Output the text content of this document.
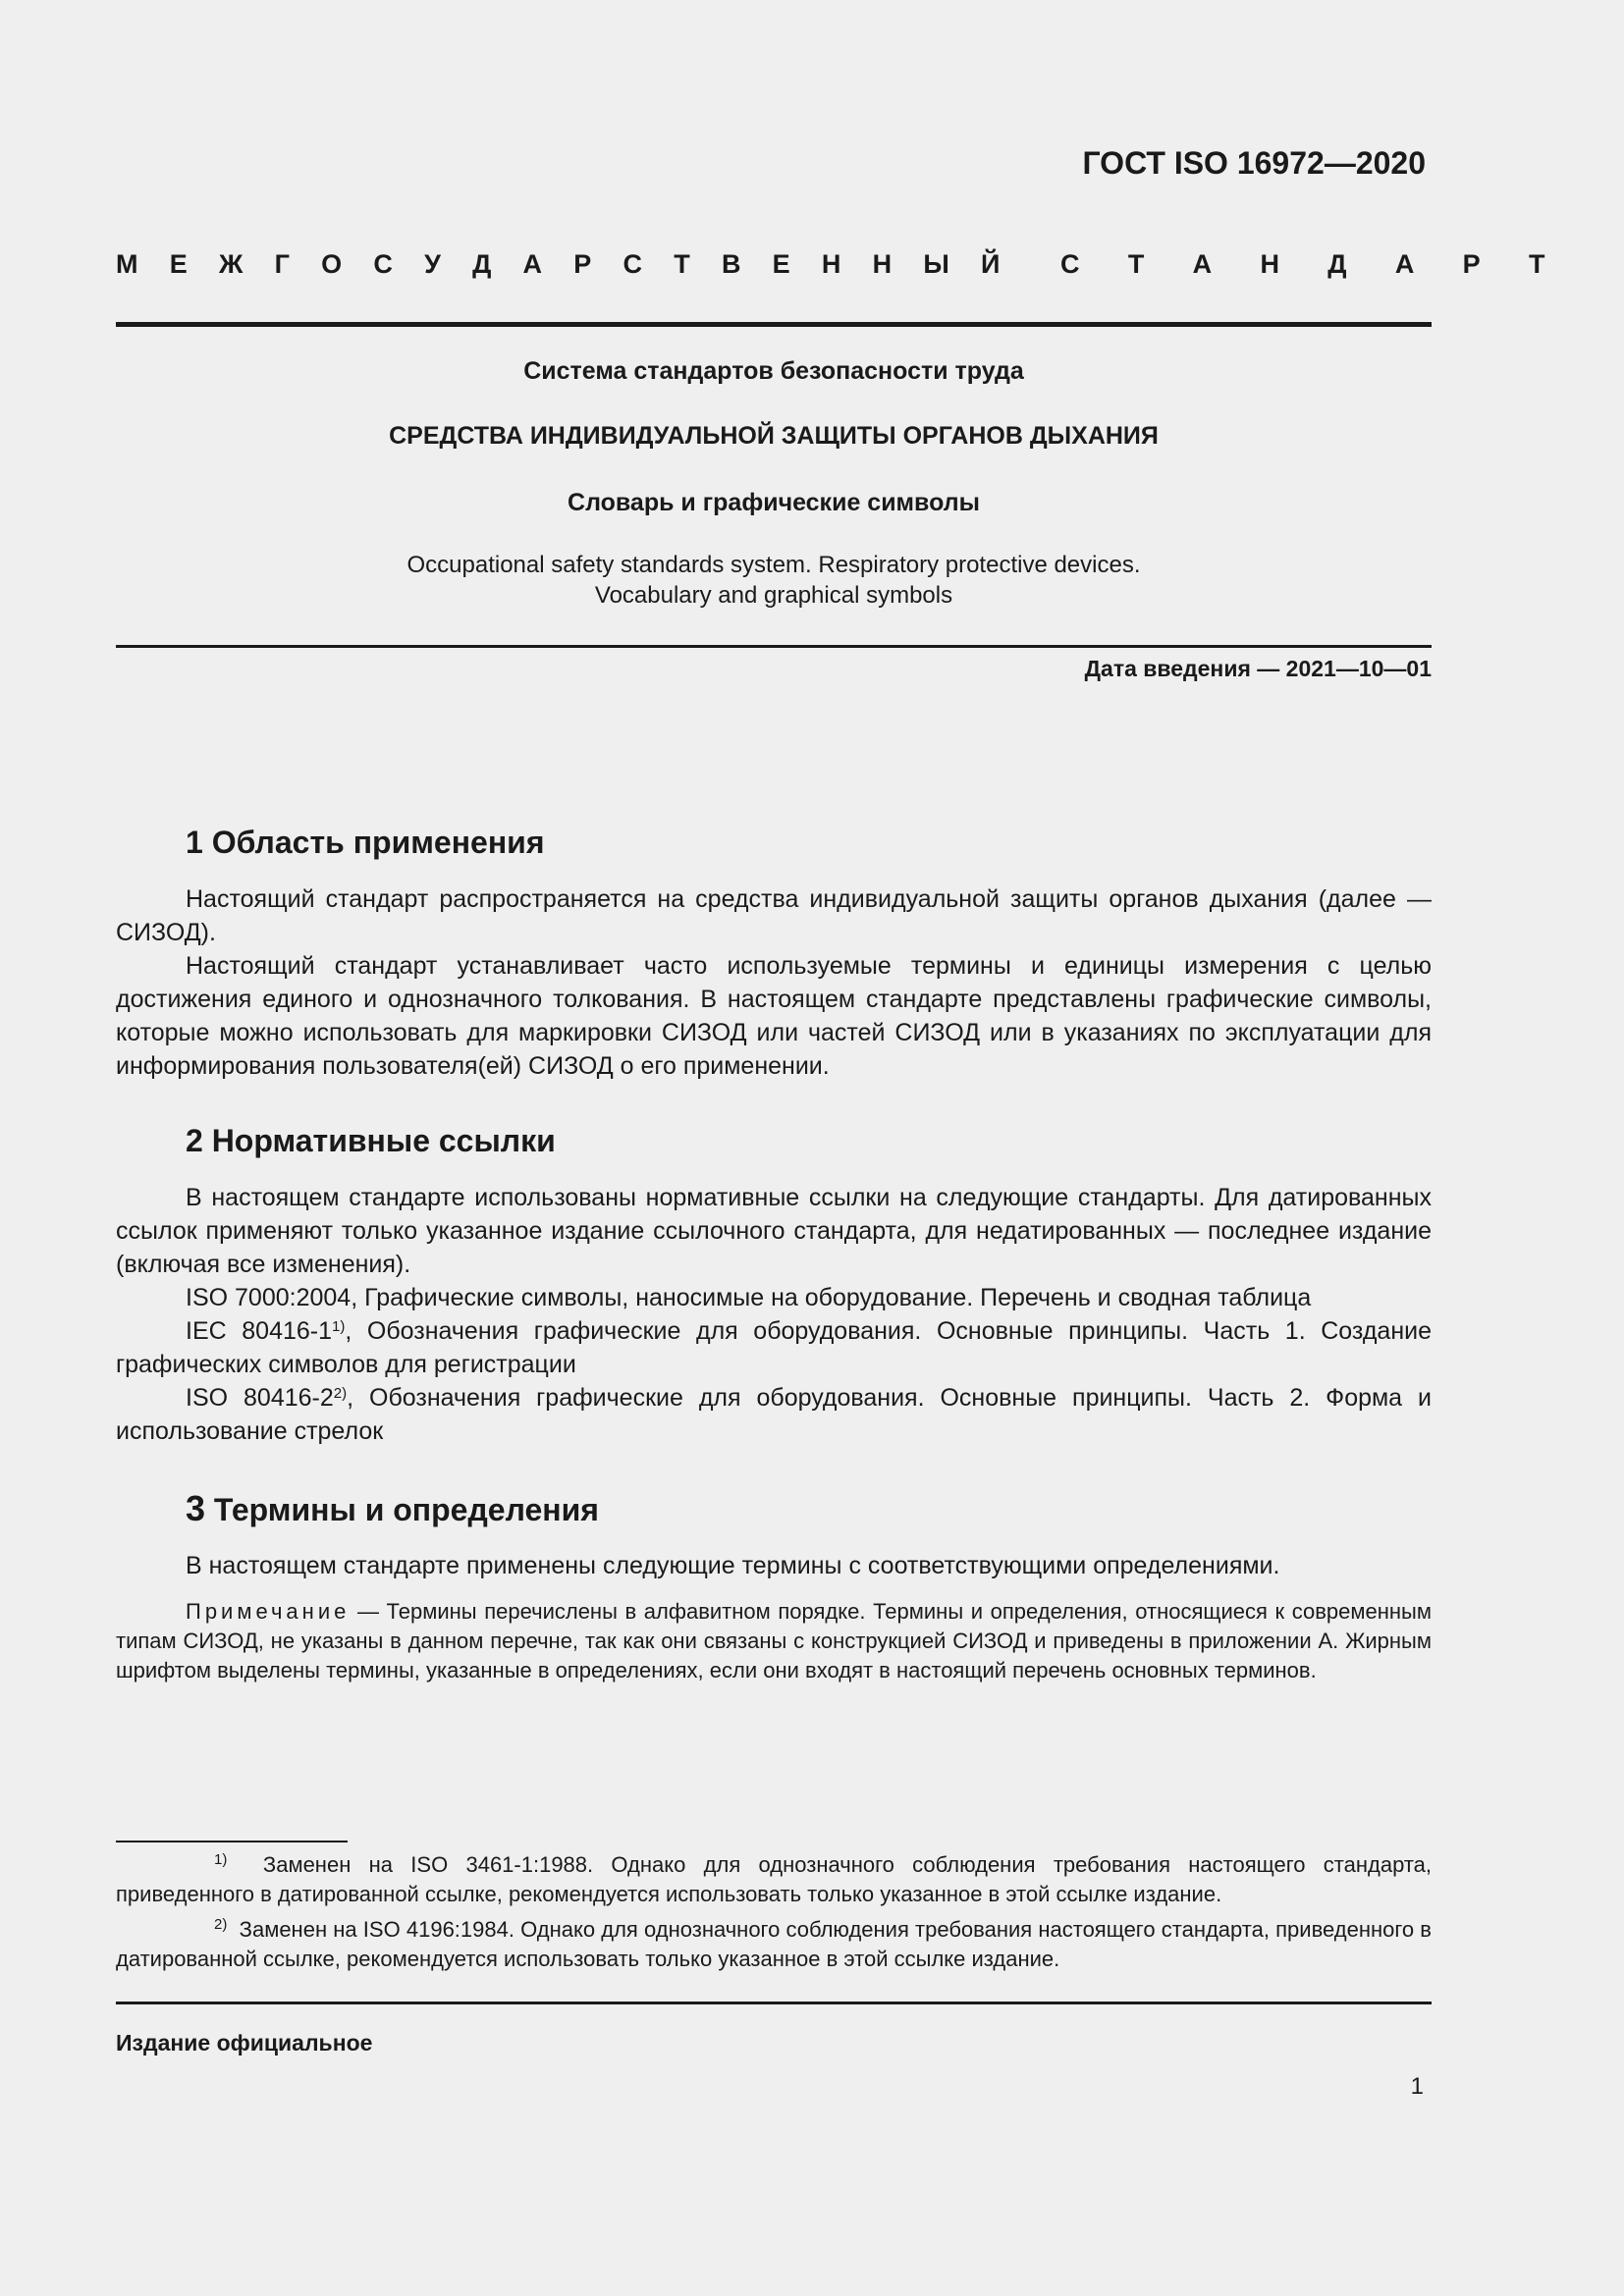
ГОСТ ISO 16972—2020
М Е Ж Г О С У Д А Р С Т В Е Н Н Ы Й С Т А Н Д А Р Т
Система стандартов безопасности труда
СРЕДСТВА ИНДИВИДУАЛЬНОЙ ЗАЩИТЫ ОРГАНОВ ДЫХАНИЯ
Словарь и графические символы
Occupational safety standards system. Respiratory protective devices.
Vocabulary and graphical symbols
Дата введения — 2021—10—01
1 Область применения

Настоящий стандарт распространяется на средства индивидуальной защиты органов дыхания (далее — СИЗОД).

Настоящий стандарт устанавливает часто используемые термины и единицы измерения с целью достижения единого и однозначного толкования. В настоящем стандарте представлены графические символы, которые можно использовать для маркировки СИЗОД или частей СИЗОД или в указаниях по эксплуатации для информирования пользователя(ей) СИЗОД о его применении.

2 Нормативные ссылки

В настоящем стандарте использованы нормативные ссылки на следующие стандарты. Для датированных ссылок применяют только указанное издание ссылочного стандарта, для недатированных — последнее издание (включая все изменения).

ISO 7000:2004, Графические символы, наносимые на оборудование. Перечень и сводная таблица

IEC 80416-1$^{1)}$, Обозначения графические для оборудования. Основные принципы. Часть 1. Создание графических символов для регистрации

ISO 80416-2$^{2)}$, Обозначения графические для оборудования. Основные принципы. Часть 2. Форма и использование стрелок

3 Термины и определения

В настоящем стандарте применены следующие термины с соответствующими определениями.

Примечание — Термины перечислены в алфавитном порядке. Термины и определения, относящиеся к современным типам СИЗОД, не указаны в данном перечне, так как они связаны с конструкцией СИЗОД и приведены в приложении А. Жирным шрифтом выделены термины, указанные в определениях, если они входят в настоящий перечень основных терминов.

$^{1)}$ Заменен на ISO 3461-1:1988. Однако для однозначного соблюдения требования настоящего стандарта, приведенного в датированной ссылке, рекомендуется использовать только указанное в этой ссылке издание.

$^{2)}$ Заменен на ISO 4196:1984. Однако для однозначного соблюдения требования настоящего стандарта, приведенного в датированной ссылке, рекомендуется использовать только указанное в этой ссылке издание.

Издание официальное
1
